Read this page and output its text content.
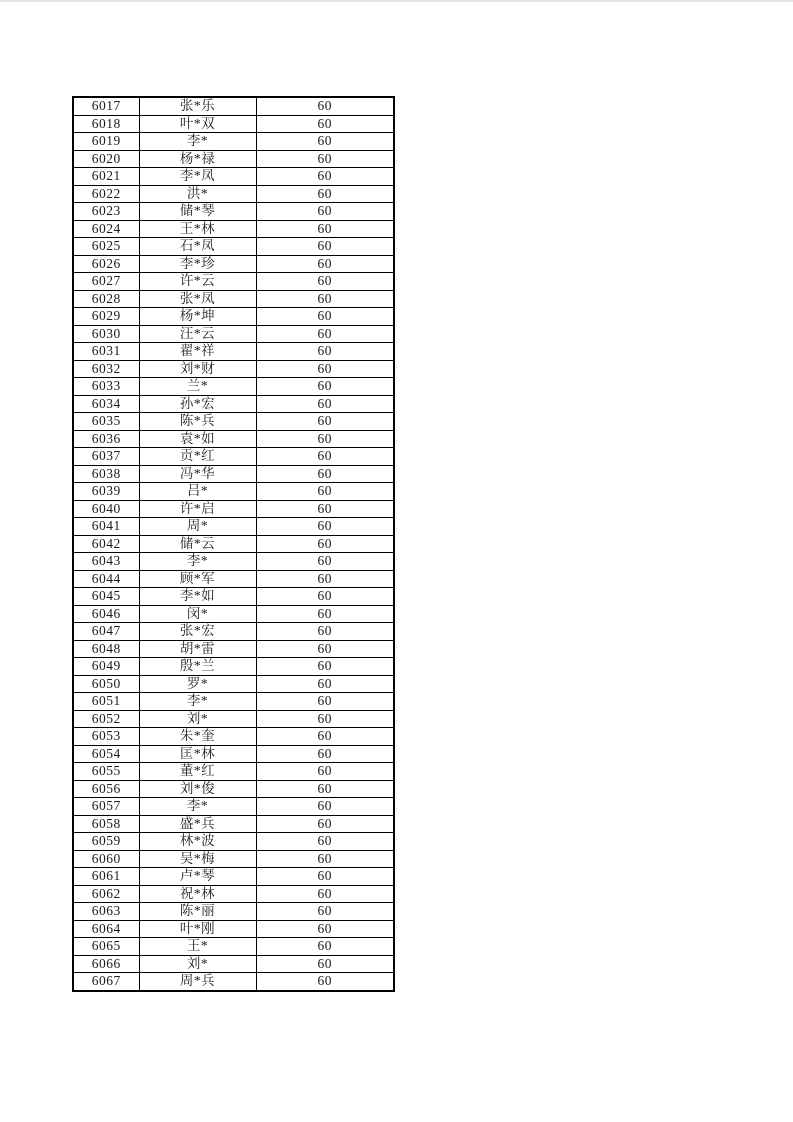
6017	张*乐	60
6018	叶*双	60
6019	李*	60
6020	杨*禄	60
6021	李*凤	60
6022	洪*	60
6023	储*琴	60
6024	王*林	60
6025	石*凤	60
6026	李*珍	60
6027	许*云	60
6028	张*凤	60
6029	杨*坤	60
6030	汪*云	60
6031	翟*祥	60
6032	刘*财	60
6033	兰*	60
6034	孙*宏	60
6035	陈*兵	60
6036	袁*如	60
6037	贡*红	60
6038	冯*华	60
6039	吕*	60
6040	许*启	60
6041	周*	60
6042	储*云	60
6043	李*	60
6044	顾*军	60
6045	李*如	60
6046	闵*	60
6047	张*宏	60
6048	胡*雷	60
6049	殷*兰	60
6050	罗*	60
6051	李*	60
6052	刘*	60
6053	朱*奎	60
6054	匡*林	60
6055	董*红	60
6056	刘*俊	60
6057	李*	60
6058	盛*兵	60
6059	林*波	60
6060	吴*梅	60
6061	卢*琴	60
6062	祝*林	60
6063	陈*丽	60
6064	叶*刚	60
6065	王*	60
6066	刘*	60
6067	周*兵	60
